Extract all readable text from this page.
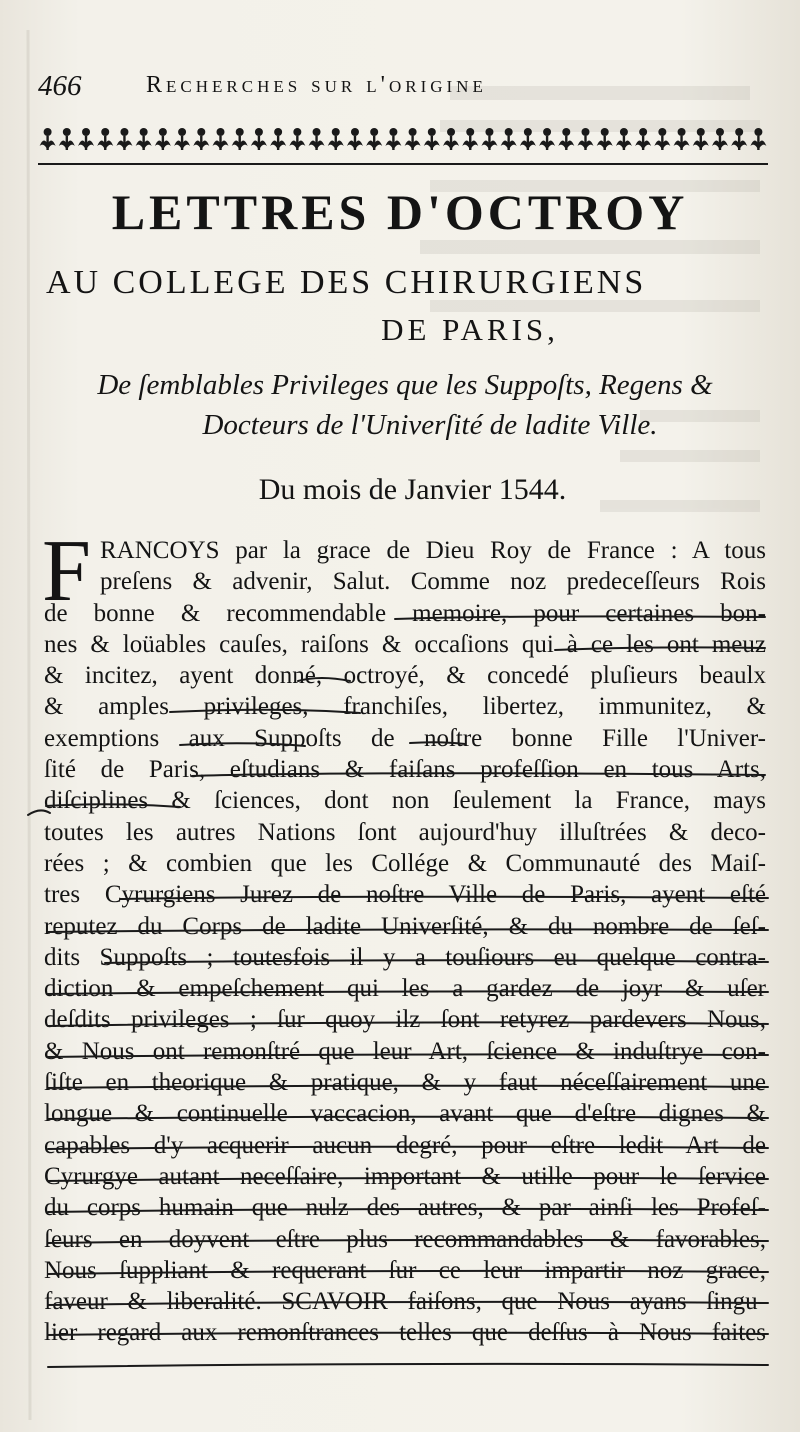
466	Recherches sur l'origine
LETTRES D'OCTROY
AU COLLEGE DES CHIRURGIENS
DE PARIS,
De ſemblables Privileges que les Suppoſts, Regens &
Docteurs de l'Univerſité de ladite Ville.
Du mois de Janvier 1544.
F RANCOYS par la grace de Dieu Roy de France : A tous
preſens & advenir, Salut. Comme noz predeceſſeurs Rois
de bonne & recommendable memoire, pour certaines bon-
nes & loüables cauſes, raiſons & occaſions qui à ce les ont meuz
& incitez, ayent donné, octroyé, & concedé pluſieurs beaulx
& amples privileges, franchiſes, libertez, immunitez, &
exemptions aux Suppoſts de noſtre bonne Fille l'Univer-
ſité de Paris, eſtudians & faiſans profeſſion en tous Arts,
diſciplines & ſciences, dont non ſeulement la France, mays
toutes les autres Nations ſont aujourd'huy illuſtrées & deco-
rées ; & combien que les Collége & Communauté des Maiſ-
tres Cyrurgiens Jurez de noſtre Ville de Paris, ayent eſté
reputez du Corps de ladite Univerſité, & du nombre de ſeſ-
dits Suppoſts ; toutesfois il y a touſiours eu quelque contra-
diction & empeſchement qui les a gardez de joyr & uſer
deſdits privileges ; ſur quoy ilz ſont retyrez pardevers Nous,
& Nous ont remonſtré que leur Art, ſcience & induſtrye con-
ſiſte en theorique & pratique, & y faut néceſſairement une
longue & continuelle vaccacion, avant que d'eſtre dignes &
capables d'y acquerir aucun degré, pour eſtre ledit Art de
Cyrurgye autant neceſſaire, important & utille pour le ſervice
du corps humain que nulz des autres, & par ainſi les Profeſ-
ſeurs en doyvent eſtre plus recommandables & favorables,
Nous ſuppliant & requerant ſur ce leur impartir noz grace,
faveur & liberalité. SCAVOIR faiſons, que Nous ayans ſingu-
lier regard aux remonſtrances telles que deſſus à Nous faites
